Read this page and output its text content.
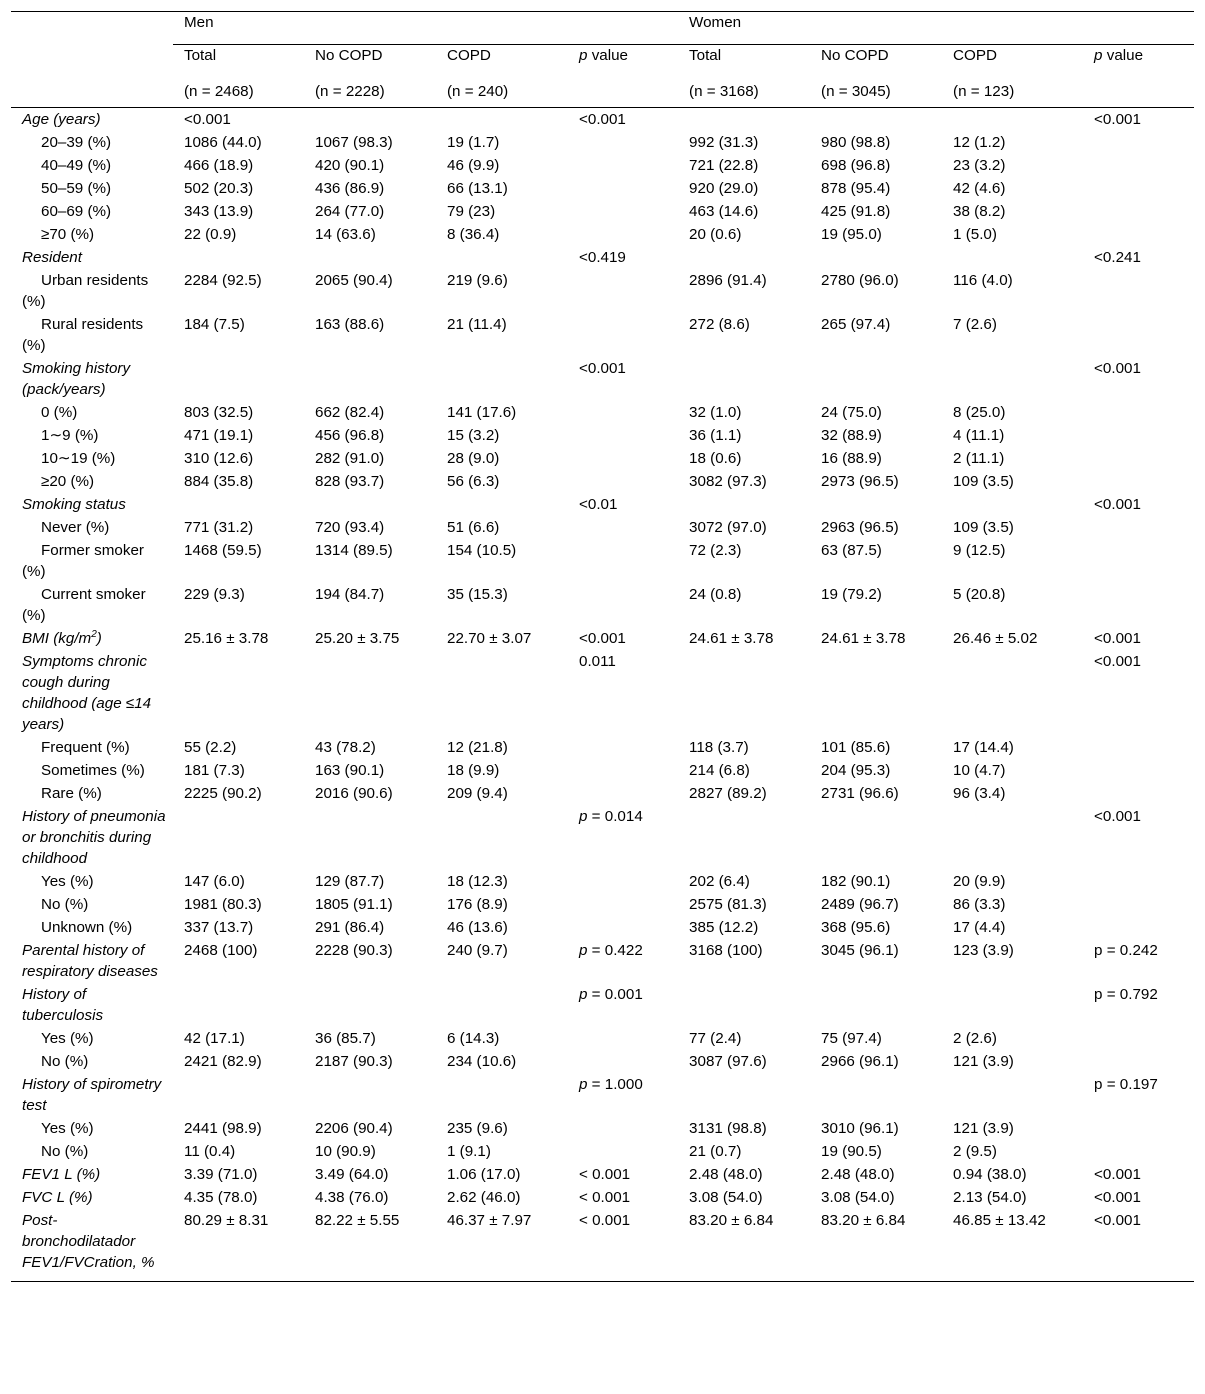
	Men				Women			
	Total	No COPD	COPD	p value	Total	No COPD	COPD	p value
	(n = 2468)	(n = 2228)	(n = 240)		(n = 3168)	(n = 3045)	(n = 123)	
Age (years)	<0.001			<0.001				<0.001
20–39 (%)	1086 (44.0)	1067 (98.3)	19 (1.7)		992 (31.3)	980 (98.8)	12 (1.2)	
40–49 (%)	466 (18.9)	420 (90.1)	46 (9.9)		721 (22.8)	698 (96.8)	23 (3.2)	
50–59 (%)	502 (20.3)	436 (86.9)	66 (13.1)		920 (29.0)	878 (95.4)	42 (4.6)	
60–69 (%)	343 (13.9)	264 (77.0)	79 (23)		463 (14.6)	425 (91.8)	38 (8.2)	
≥70 (%)	22 (0.9)	14 (63.6)	8 (36.4)		20 (0.6)	19 (95.0)	1 (5.0)	
Resident				<0.419				<0.241
Urban residents (%)	2284 (92.5)	2065 (90.4)	219 (9.6)		2896 (91.4)	2780 (96.0)	116 (4.0)	
Rural residents (%)	184 (7.5)	163 (88.6)	21 (11.4)		272 (8.6)	265 (97.4)	7 (2.6)	
Smoking history (pack/years)				<0.001				<0.001
0 (%)	803 (32.5)	662 (82.4)	141 (17.6)		32 (1.0)	24 (75.0)	8 (25.0)	
1∼9 (%)	471 (19.1)	456 (96.8)	15 (3.2)		36 (1.1)	32 (88.9)	4 (11.1)	
10∼19 (%)	310 (12.6)	282 (91.0)	28 (9.0)		18 (0.6)	16 (88.9)	2 (11.1)	
≥20 (%)	884 (35.8)	828 (93.7)	56 (6.3)		3082 (97.3)	2973 (96.5)	109 (3.5)	
Smoking status				<0.01				<0.001
Never (%)	771 (31.2)	720 (93.4)	51 (6.6)		3072 (97.0)	2963 (96.5)	109 (3.5)	
Former smoker (%)	1468 (59.5)	1314 (89.5)	154 (10.5)		72 (2.3)	63 (87.5)	9 (12.5)	
Current smoker (%)	229 (9.3)	194 (84.7)	35 (15.3)		24 (0.8)	19 (79.2)	5 (20.8)	
BMI $(kg/m^2)$	25.16 ± 3.78	25.20 ± 3.75	22.70 ± 3.07	<0.001	24.61 ± 3.78	24.61 ± 3.78	26.46 ± 5.02	<0.001
Symptoms chronic cough during childhood (age ≤14 years)				0.011				<0.001
Frequent (%)	55 (2.2)	43 (78.2)	12 (21.8)		118 (3.7)	101 (85.6)	17 (14.4)	
Sometimes (%)	181 (7.3)	163 (90.1)	18 (9.9)		214 (6.8)	204 (95.3)	10 (4.7)	
Rare (%)	2225 (90.2)	2016 (90.6)	209 (9.4)		2827 (89.2)	2731 (96.6)	96 (3.4)	
History of pneumonia or bronchitis during childhood				p = 0.014				<0.001
Yes (%)	147 (6.0)	129 (87.7)	18 (12.3)		202 (6.4)	182 (90.1)	20 (9.9)	
No (%)	1981 (80.3)	1805 (91.1)	176 (8.9)		2575 (81.3)	2489 (96.7)	86 (3.3)	
Unknown (%)	337 (13.7)	291 (86.4)	46 (13.6)		385 (12.2)	368 (95.6)	17 (4.4)	
Parental history of respiratory diseases	2468 (100)	2228 (90.3)	240 (9.7)	p = 0.422	3168 (100)	3045 (96.1)	123 (3.9)	p = 0.242
History of tuberculosis				p = 0.001				p = 0.792
Yes (%)	42 (17.1)	36 (85.7)	6 (14.3)		77 (2.4)	75 (97.4)	2 (2.6)	
No (%)	2421 (82.9)	2187 (90.3)	234 (10.6)		3087 (97.6)	2966 (96.1)	121 (3.9)	
History of spirometry test				p = 1.000				p = 0.197
Yes (%)	2441 (98.9)	2206 (90.4)	235 (9.6)		3131 (98.8)	3010 (96.1)	121 (3.9)	
No (%)	11 (0.4)	10 (90.9)	1 (9.1)		21 (0.7)	19 (90.5)	2 (9.5)	
FEV1 L (%)	3.39 (71.0)	3.49 (64.0)	1.06 (17.0)	< 0.001	2.48 (48.0)	2.48 (48.0)	0.94 (38.0)	<0.001
FVC L (%)	4.35 (78.0)	4.38 (76.0)	2.62 (46.0)	< 0.001	3.08 (54.0)	3.08 (54.0)	2.13 (54.0)	<0.001
Post-bronchodilatador FEV1/FVCration, %	80.29 ± 8.31	82.22 ± 5.55	46.37 ± 7.97	< 0.001	83.20 ± 6.84	83.20 ± 6.84	46.85 ± 13.42	<0.001
